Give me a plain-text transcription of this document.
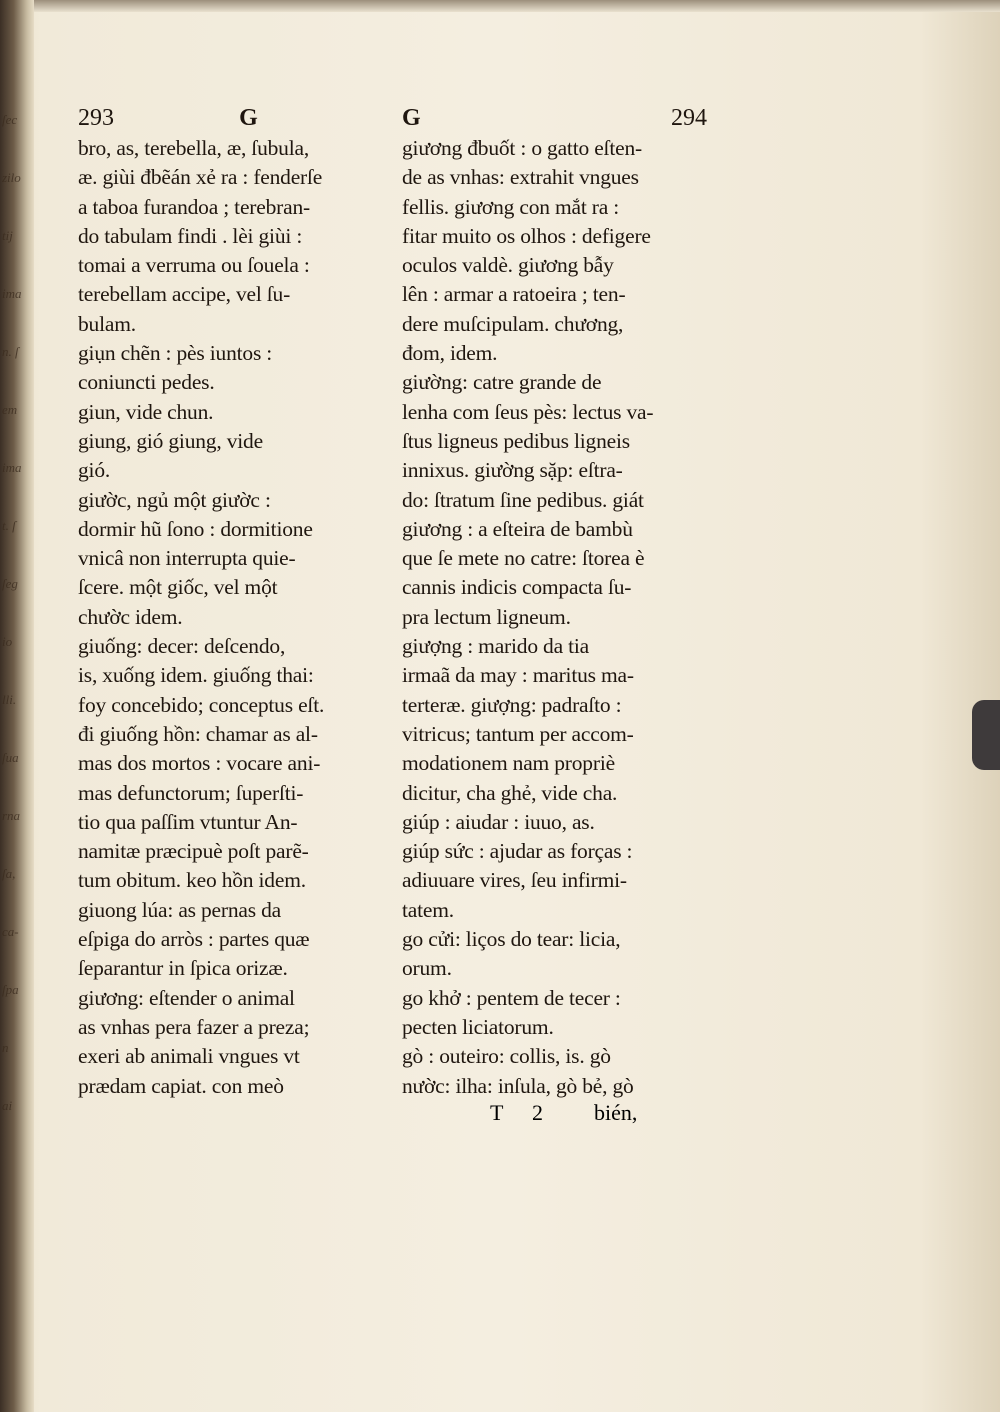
ſec
zilo
tij
ima
n. ſ
em
ima
t. ſ
ſeg
io
lli.
ſua
rna
ſa,
ca-
ſpa
n
ai
293	G
bro, as, terebella, æ, ſubula,
æ. giùi đbẽán xẻ ra : fenderſe
a taboa furandoa ; terebran-
do tabulam findi . lèi giùi :
tomai a verruma ou ſouela :
terebellam accipe, vel ſu-
bulam.
giụn chẽn : pès iuntos :
coniuncti pedes.
giun, vide chun.
giung, gió giung, vide
gió.
giườc, ngủ một giườc :
dormir hũ ſono : dormitione
vnicâ non interrupta quie-
ſcere. một giốc, vel một
chườc idem.
giuống: decer: deſcendo,
is, xuống idem. giuống thai:
foy concebido; conceptus eſt.
đi giuống hồn: chamar as al-
mas dos mortos : vocare ani-
mas defunctorum; ſuperſti-
tio qua paſſim vtuntur An-
namitæ præcipuè poſt parẽ-
tum obitum. keo hồn idem.
giuong lúa: as pernas da
eſpiga do arròs : partes quæ
ſeparantur in ſpica orizæ.
giương: eſtender o animal
as vnhas pera fazer a preza;
exeri ab animali vngues vt
prædam capiat. con meò
G	294
giương đbuốt : o gatto eſten-
de as vnhas: extrahit vngues
fellis. giương con mắt ra :
fitar muito os olhos : defigere
oculos valdè. giương bẫy
lên : armar a ratoeira ; ten-
dere muſcipulam. chương,
đom, idem.
giường: catre grande de
lenha com ſeus pès: lectus va-
ſtus ligneus pedibus ligneis
innixus. giường sặp: eſtra-
do: ſtratum ſine pedibus. giát
giương : a eſteira de bambù
que ſe mete no catre: ſtorea è
cannis indicis compacta ſu-
pra lectum ligneum.
giượng : marido da tia
irmaã da may : maritus ma-
terteræ. giượng: padraſto :
vitricus; tantum per accom-
modationem nam propriè
dicitur, cha ghẻ, vide cha.
giúp : aiudar : iuuo, as.
giúp sức : ajudar as forças :
adiuuare vires, ſeu infirmi-
tatem.
go cửi: liços do tear: licia,
orum.
go khở : pentem de tecer :
pecten liciatorum.
gò : outeiro: collis, is. gò
nườc: ilha: inſula, gò bẻ, gò
T 2 bién,
